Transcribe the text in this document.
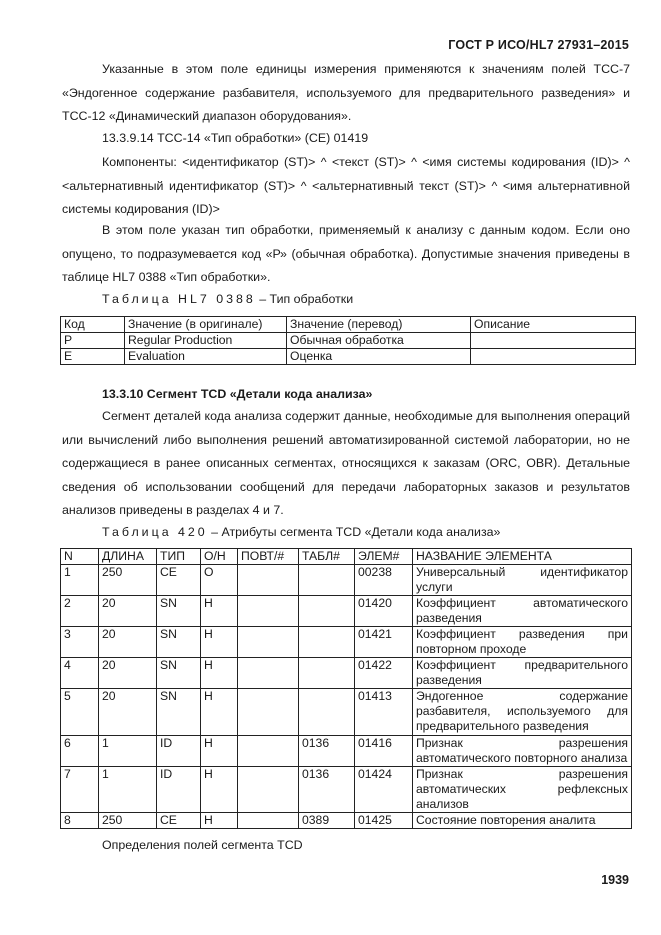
ГОСТ Р ИСО/HL7 27931–2015

Указанные в этом поле единицы измерения применяются к значениям полей ТСС-7 «Эндогенное содержание разбавителя, используемого для предварительного разведения» и ТСС-12 «Динамический диапазон оборудования».

13.3.9.14 ТСС-14 «Тип обработки» (СЕ) 01419

Компоненты: <идентификатор (ST)> ^ <текст (ST)> ^ <имя системы кодирования (ID)> ^ <альтернативный идентификатор (ST)> ^ <альтернативный текст (ST)> ^ <имя альтернативной системы кодирования (ID)>

В этом поле указан тип обработки, применяемый к анализу с данным кодом. Если оно опущено, то подразумевается код «Р» (обычная обработка). Допустимые значения приведены в таблице HL7 0388 «Тип обработки».

Таблица HL7 0388 – Тип обработки
Код	Значение (в оригинале)	Значение (перевод)	Описание
P	Regular Production	Обычная обработка	
E	Evaluation	Оценка	
13.3.10 Сегмент TCD «Детали кода анализа»

Сегмент деталей кода анализа содержит данные, необходимые для выполнения операций или вычислений либо выполнения решений автоматизированной системой лаборатории, но не содержащиеся в ранее описанных сегментах, относящихся к заказам (ORC, OBR). Детальные сведения об использовании сообщений для передачи лабораторных заказов и результатов анализов приведены в разделах 4 и 7.

Таблица 420 – Атрибуты сегмента TCD «Детали кода анализа»
N	ДЛИНА	ТИП	О/Н	ПОВТ/#	ТАБЛ#	ЭЛЕМ#	НАЗВАНИЕ ЭЛЕМЕНТА
1	250	CE	O			00238	Универсальный идентификатор услуги
2	20	SN	H			01420	Коэффициент автоматического разведения
3	20	SN	H			01421	Коэффициент разведения при повторном проходе
4	20	SN	H			01422	Коэффициент предварительного разведения
5	20	SN	H			01413	Эндогенное содержание разбавителя, используемого для предварительного разведения
6	1	ID	H		0136	01416	Признак разрешения автоматического повторного анализа
7	1	ID	H		0136	01424	Признак разрешения автоматических рефлексных анализов
8	250	CE	H		0389	01425	Состояние повторения аналита
Определения полей сегмента TCD
1939
